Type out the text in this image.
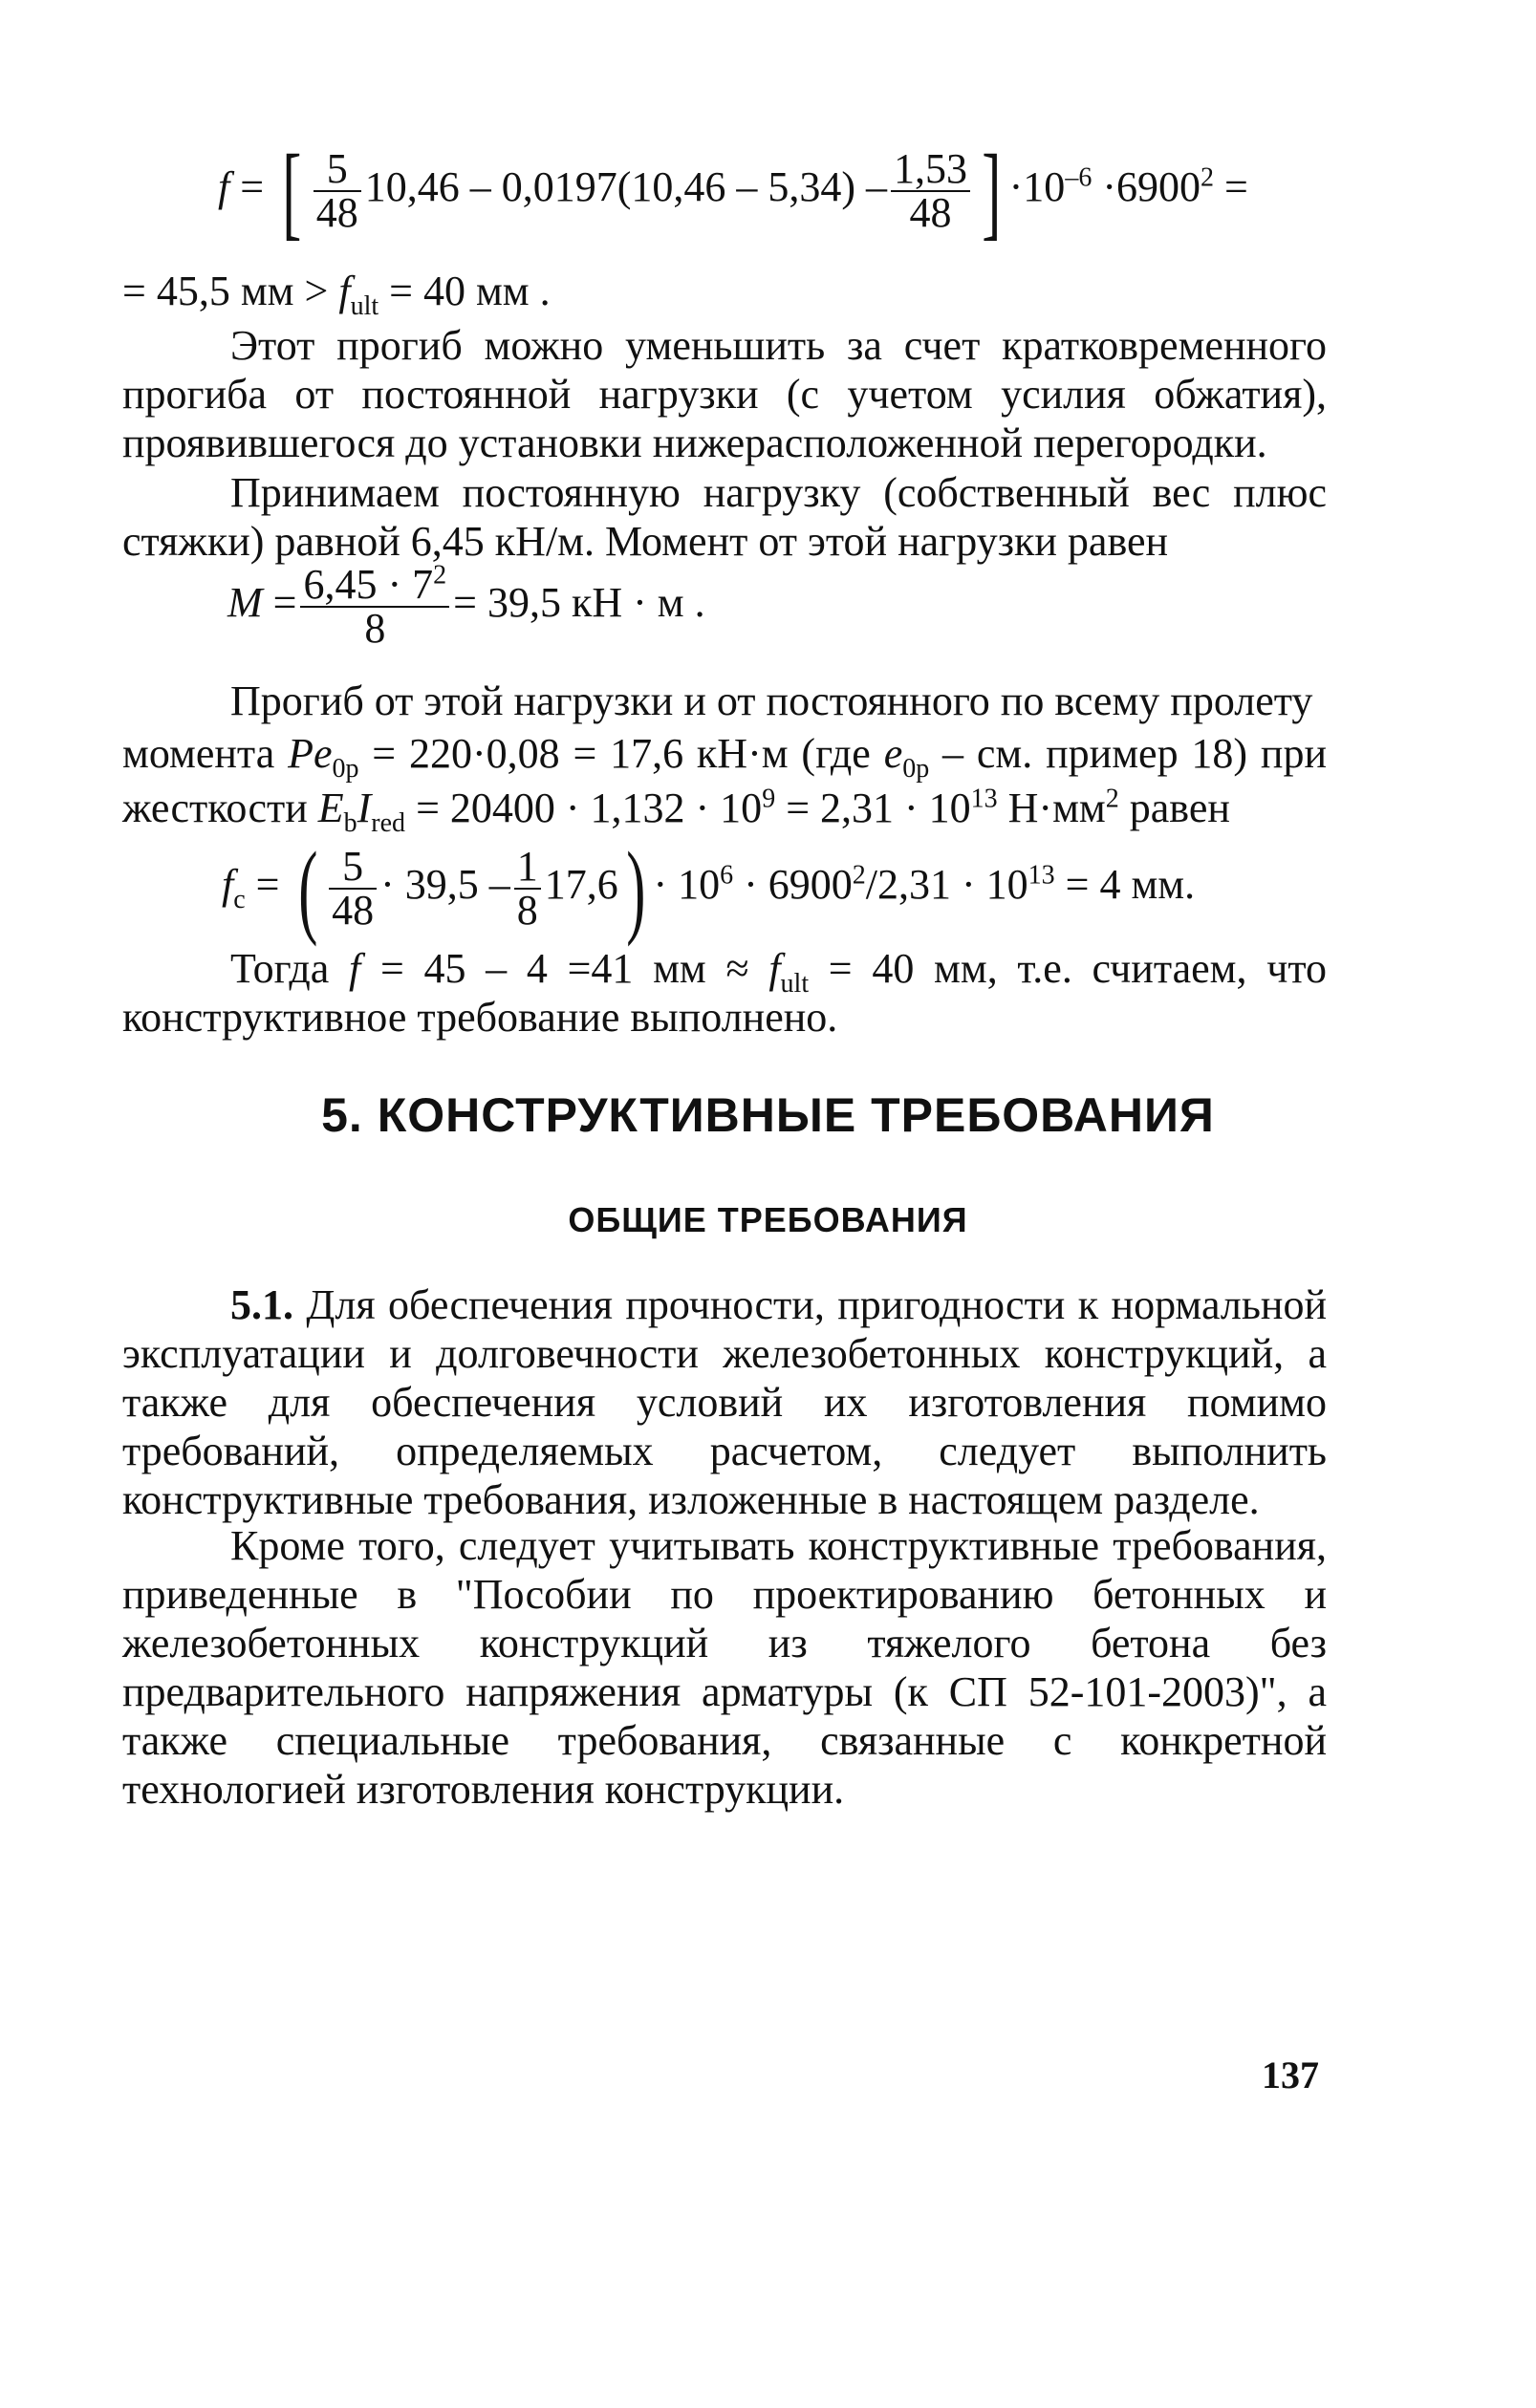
f = [ $\frac{5}{48} 10,46 - 0,0197(10,46 - 5,34) - \frac{1,53}{48}$ ] $\cdot 10^{-6} \cdot 6900^2$ =
= 45,5 мм > $f_{ult} = 40$ мм .
Этот прогиб можно уменьшить за счет кратковременного прогиба от постоянной нагрузки (с учетом усилия обжатия), проявившегося до установки нижерасположенной перегородки.
Принимаем постоянную нагрузку (собственный вес плюс стяжки) равной 6,45 кН/м. Момент от этой нагрузки равен
$M = \frac{6,45 \cdot 7^2}{8} = 39,5$ кН · м .
Прогиб от этой нагрузки и от постоянного по всему пролету
момента $Pe_{0p} = 220\cdot 0,08 = 17,6$ кН·м (где $e_{0p}$ – см. пример 18) при
жесткости $E_bI_{red} = 20400 \cdot 1,132 \cdot 10^9 = 2,31 \cdot 10^{13}$ $Н\cdot мм^2$ равен
$f_c$ = ( $\frac{5}{48} \cdot 39,5 - \frac{1}{8} 17,6) \cdot 10^6 \cdot 6900^2/2,31 \cdot 10^{13} = 4$ мм.
Тогда f = 45 – 4 =41 мм ≈ $f_{ult} = 40$ мм, т.е. считаем, что конструктивное требование выполнено.
5. КОНСТРУКТИВНЫЕ ТРЕБОВАНИЯ
ОБЩИЕ ТРЕБОВАНИЯ
5.1. Для обеспечения прочности, пригодности к нормальной эксплуатации и долговечности железобетонных конструкций, а также для обеспечения условий их изготовления помимо требований, определяемых расчетом, следует выполнить конструктивные требования, изложенные в настоящем разделе.
Кроме того, следует учитывать конструктивные требования, приведенные в "Пособии по проектированию бетонных и железобетонных конструкций из тяжелого бетона без предварительного напряжения арматуры (к СП 52-101-2003)", а также специальные требования, связанные с конкретной технологией изготовления конструкции.
137
